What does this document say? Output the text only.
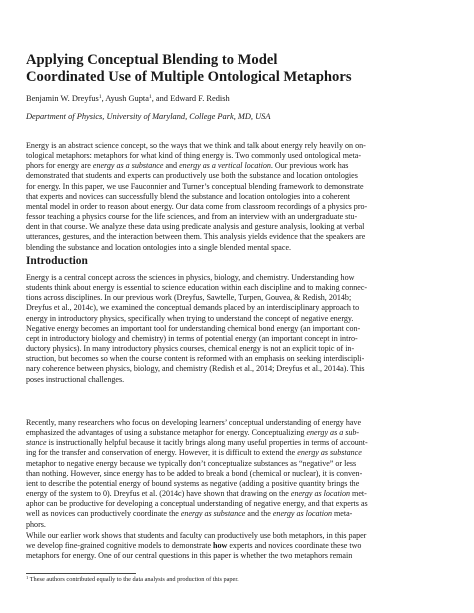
Applying Conceptual Blending to Model
Coordinated Use of Multiple Ontological Metaphors

Benjamin W. Dreyfus$^1$, Ayush Gupta$^1$, and Edward F. Redish

Department of Physics, University of Maryland, College Park, MD, USA

Energy is an abstract science concept, so the ways that we think and talk about energy rely heavily on on-
tological metaphors: metaphors for what kind of thing energy is. Two commonly used ontological meta-
phors for energy are energy as a substance and energy as a vertical location. Our previous work has
demonstrated that students and experts can productively use both the substance and location ontologies
for energy. In this paper, we use Fauconnier and Turner’s conceptual blending framework to demonstrate
that experts and novices can successfully blend the substance and location ontologies into a coherent
mental model in order to reason about energy. Our data come from classroom recordings of a physics pro-
fessor teaching a physics course for the life sciences, and from an interview with an undergraduate stu-
dent in that course. We analyze these data using predicate analysis and gesture analysis, looking at verbal
utterances, gestures, and the interaction between them. This analysis yields evidence that the speakers are
blending the substance and location ontologies into a single blended mental space.
Introduction
Energy is a central concept across the sciences in physics, biology, and chemistry. Understanding how
students think about energy is essential to science education within each discipline and to making connec-
tions across disciplines. In our previous work (Dreyfus, Sawtelle, Turpen, Gouvea, & Redish, 2014b;
Dreyfus et al., 2014c), we examined the conceptual demands placed by an interdisciplinary approach to
energy in introductory physics, specifically when trying to understand the concept of negative energy.
Negative energy becomes an important tool for understanding chemical bond energy (an important con-
cept in introductory biology and chemistry) in terms of potential energy (an important concept in intro-
ductory physics). In many introductory physics courses, chemical energy is not an explicit topic of in-
struction, but becomes so when the course content is reformed with an emphasis on seeking interdiscipli-
nary coherence between physics, biology, and chemistry (Redish et al., 2014; Dreyfus et al., 2014a). This
poses instructional challenges.
Recently, many researchers who focus on developing learners’ conceptual understanding of energy have
emphasized the advantages of using a substance metaphor for energy. Conceptualizing energy as a sub-
stance is instructionally helpful because it tacitly brings along many useful properties in terms of account-
ing for the transfer and conservation of energy. However, it is difficult to extend the energy as substance
metaphor to negative energy because we typically don’t conceptualize substances as “negative” or less
than nothing. However, since energy has to be added to break a bond (chemical or nuclear), it is conven-
ient to describe the potential energy of bound systems as negative (adding a positive quantity brings the
energy of the system to 0). Dreyfus et al. (2014c) have shown that drawing on the energy as location met-
aphor can be productive for developing a conceptual understanding of negative energy, and that experts as
well as novices can productively coordinate the energy as substance and the energy as location meta-
phors.
While our earlier work shows that students and faculty can productively use both metaphors, in this paper
we develop fine-grained cognitive models to demonstrate how experts and novices coordinate these two
metaphors for energy. One of our central questions in this paper is whether the two metaphors remain

$^1$ These authors contributed equally to the data analysis and production of this paper.
